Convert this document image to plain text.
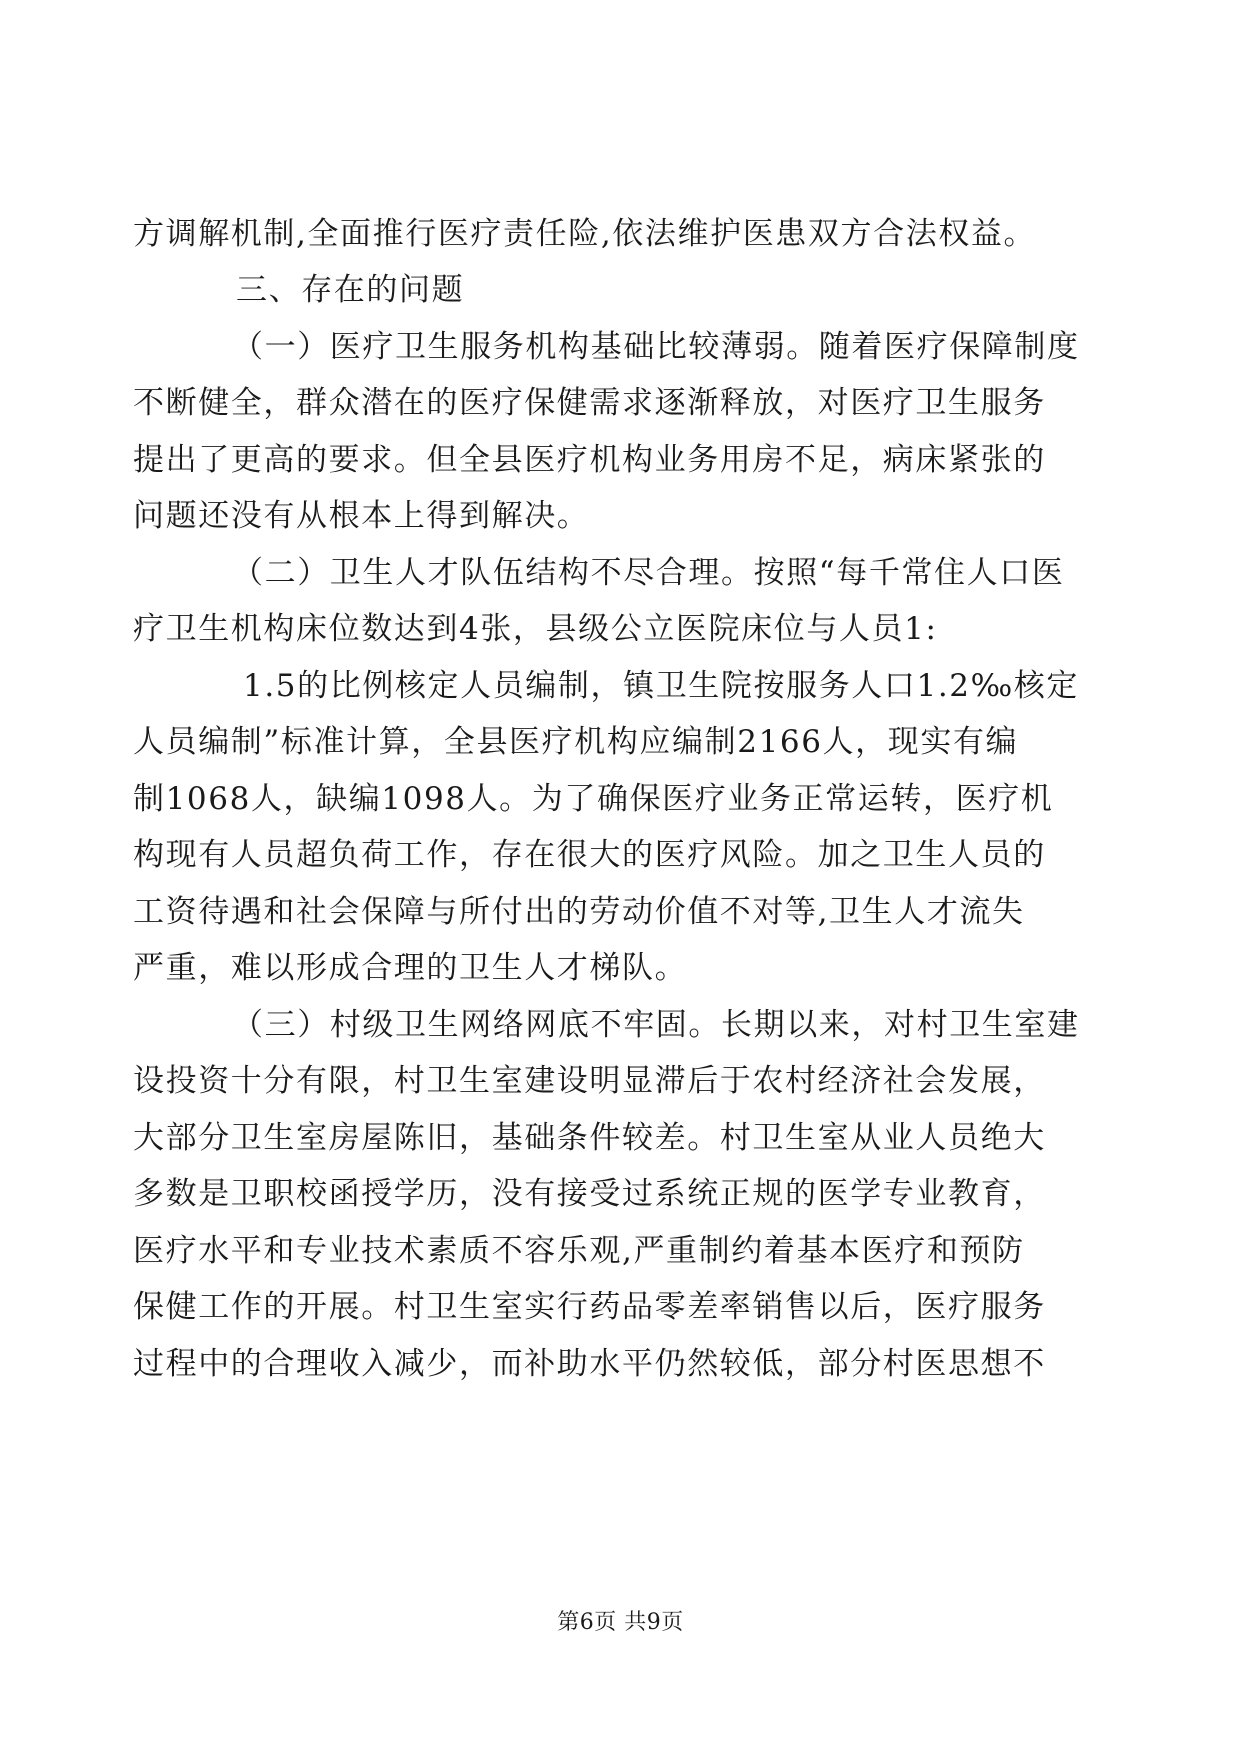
方调解机制,全面推行医疗责任险,依法维护医患双方合法权益。
三、存在的问题
（一）医疗卫生服务机构基础比较薄弱。随着医疗保障制度
不断健全，群众潜在的医疗保健需求逐渐释放，对医疗卫生服务
提出了更高的要求。但全县医疗机构业务用房不足，病床紧张的
问题还没有从根本上得到解决。
（二）卫生人才队伍结构不尽合理。按照“每千常住人口医
疗卫生机构床位数达到4张，县级公立医院床位与人员1:
1.5的比例核定人员编制，镇卫生院按服务人口1.2‰核定
人员编制”标准计算，全县医疗机构应编制2166人，现实有编
制1068人，缺编1098人。为了确保医疗业务正常运转，医疗机
构现有人员超负荷工作，存在很大的医疗风险。加之卫生人员的
工资待遇和社会保障与所付出的劳动价值不对等,卫生人才流失
严重，难以形成合理的卫生人才梯队。
（三）村级卫生网络网底不牢固。长期以来，对村卫生室建
设投资十分有限，村卫生室建设明显滞后于农村经济社会发展，
大部分卫生室房屋陈旧，基础条件较差。村卫生室从业人员绝大
多数是卫职校函授学历，没有接受过系统正规的医学专业教育，
医疗水平和专业技术素质不容乐观,严重制约着基本医疗和预防
保健工作的开展。村卫生室实行药品零差率销售以后，医疗服务
过程中的合理收入减少，而补助水平仍然较低，部分村医思想不
第6页 共9页
